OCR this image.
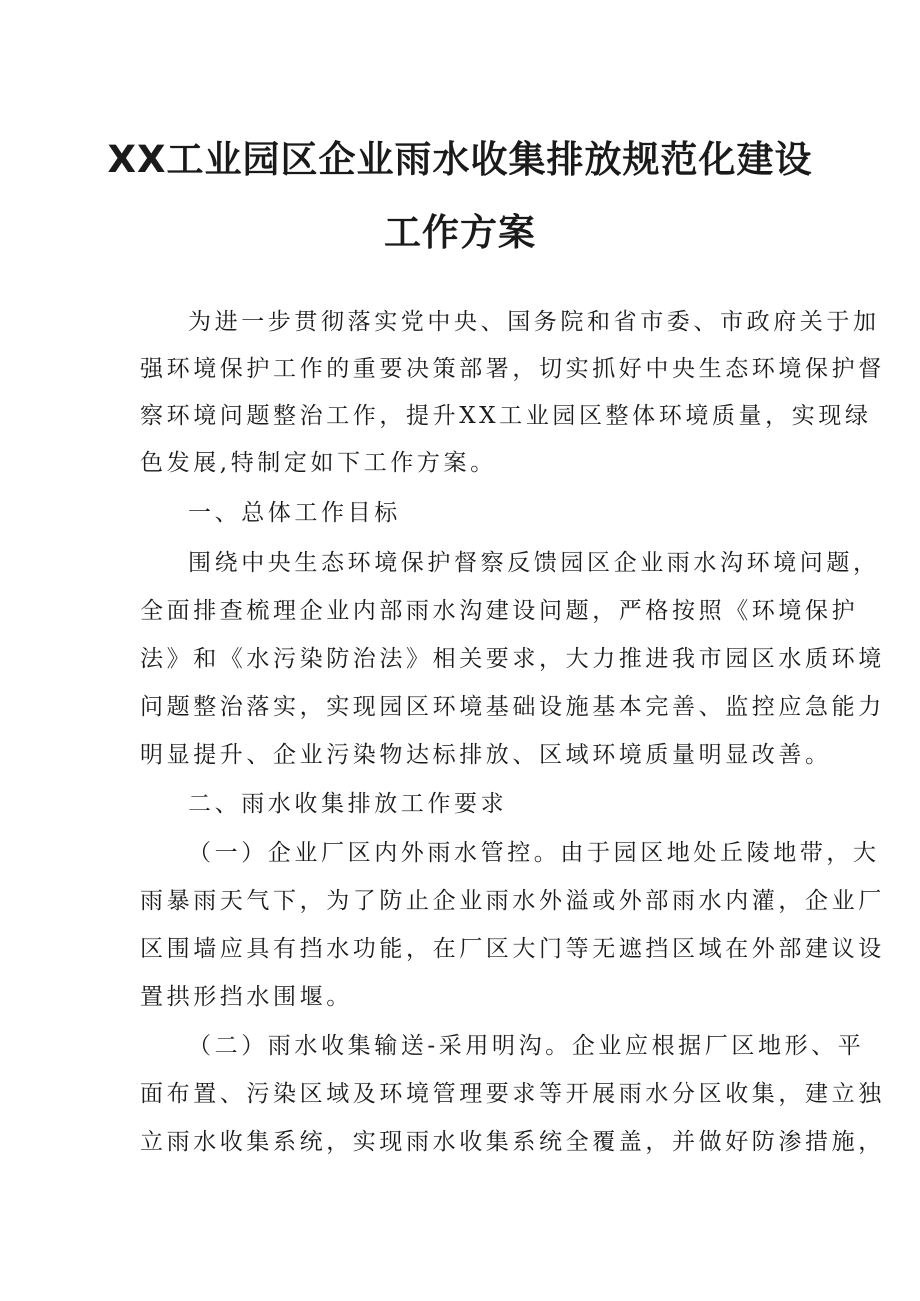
XX工业园区企业雨水收集排放规范化建设
工作方案
为进一步贯彻落实党中央、国务院和省市委、市政府关于加
强环境保护工作的重要决策部署，切实抓好中央生态环境保护督
察环境问题整治工作，提升XX工业园区整体环境质量，实现绿
色发展,特制定如下工作方案。
一、总体工作目标
围绕中央生态环境保护督察反馈园区企业雨水沟环境问题，
全面排查梳理企业内部雨水沟建设问题，严格按照《环境保护
法》和《水污染防治法》相关要求，大力推进我市园区水质环境
问题整治落实，实现园区环境基础设施基本完善、监控应急能力
明显提升、企业污染物达标排放、区域环境质量明显改善。
二、雨水收集排放工作要求
（一）企业厂区内外雨水管控。由于园区地处丘陵地带，大
雨暴雨天气下，为了防止企业雨水外溢或外部雨水内灌，企业厂
区围墙应具有挡水功能，在厂区大门等无遮挡区域在外部建议设
置拱形挡水围堰。
（二）雨水收集输送-采用明沟。企业应根据厂区地形、平
面布置、污染区域及环境管理要求等开展雨水分区收集，建立独
立雨水收集系统，实现雨水收集系统全覆盖，并做好防渗措施，
